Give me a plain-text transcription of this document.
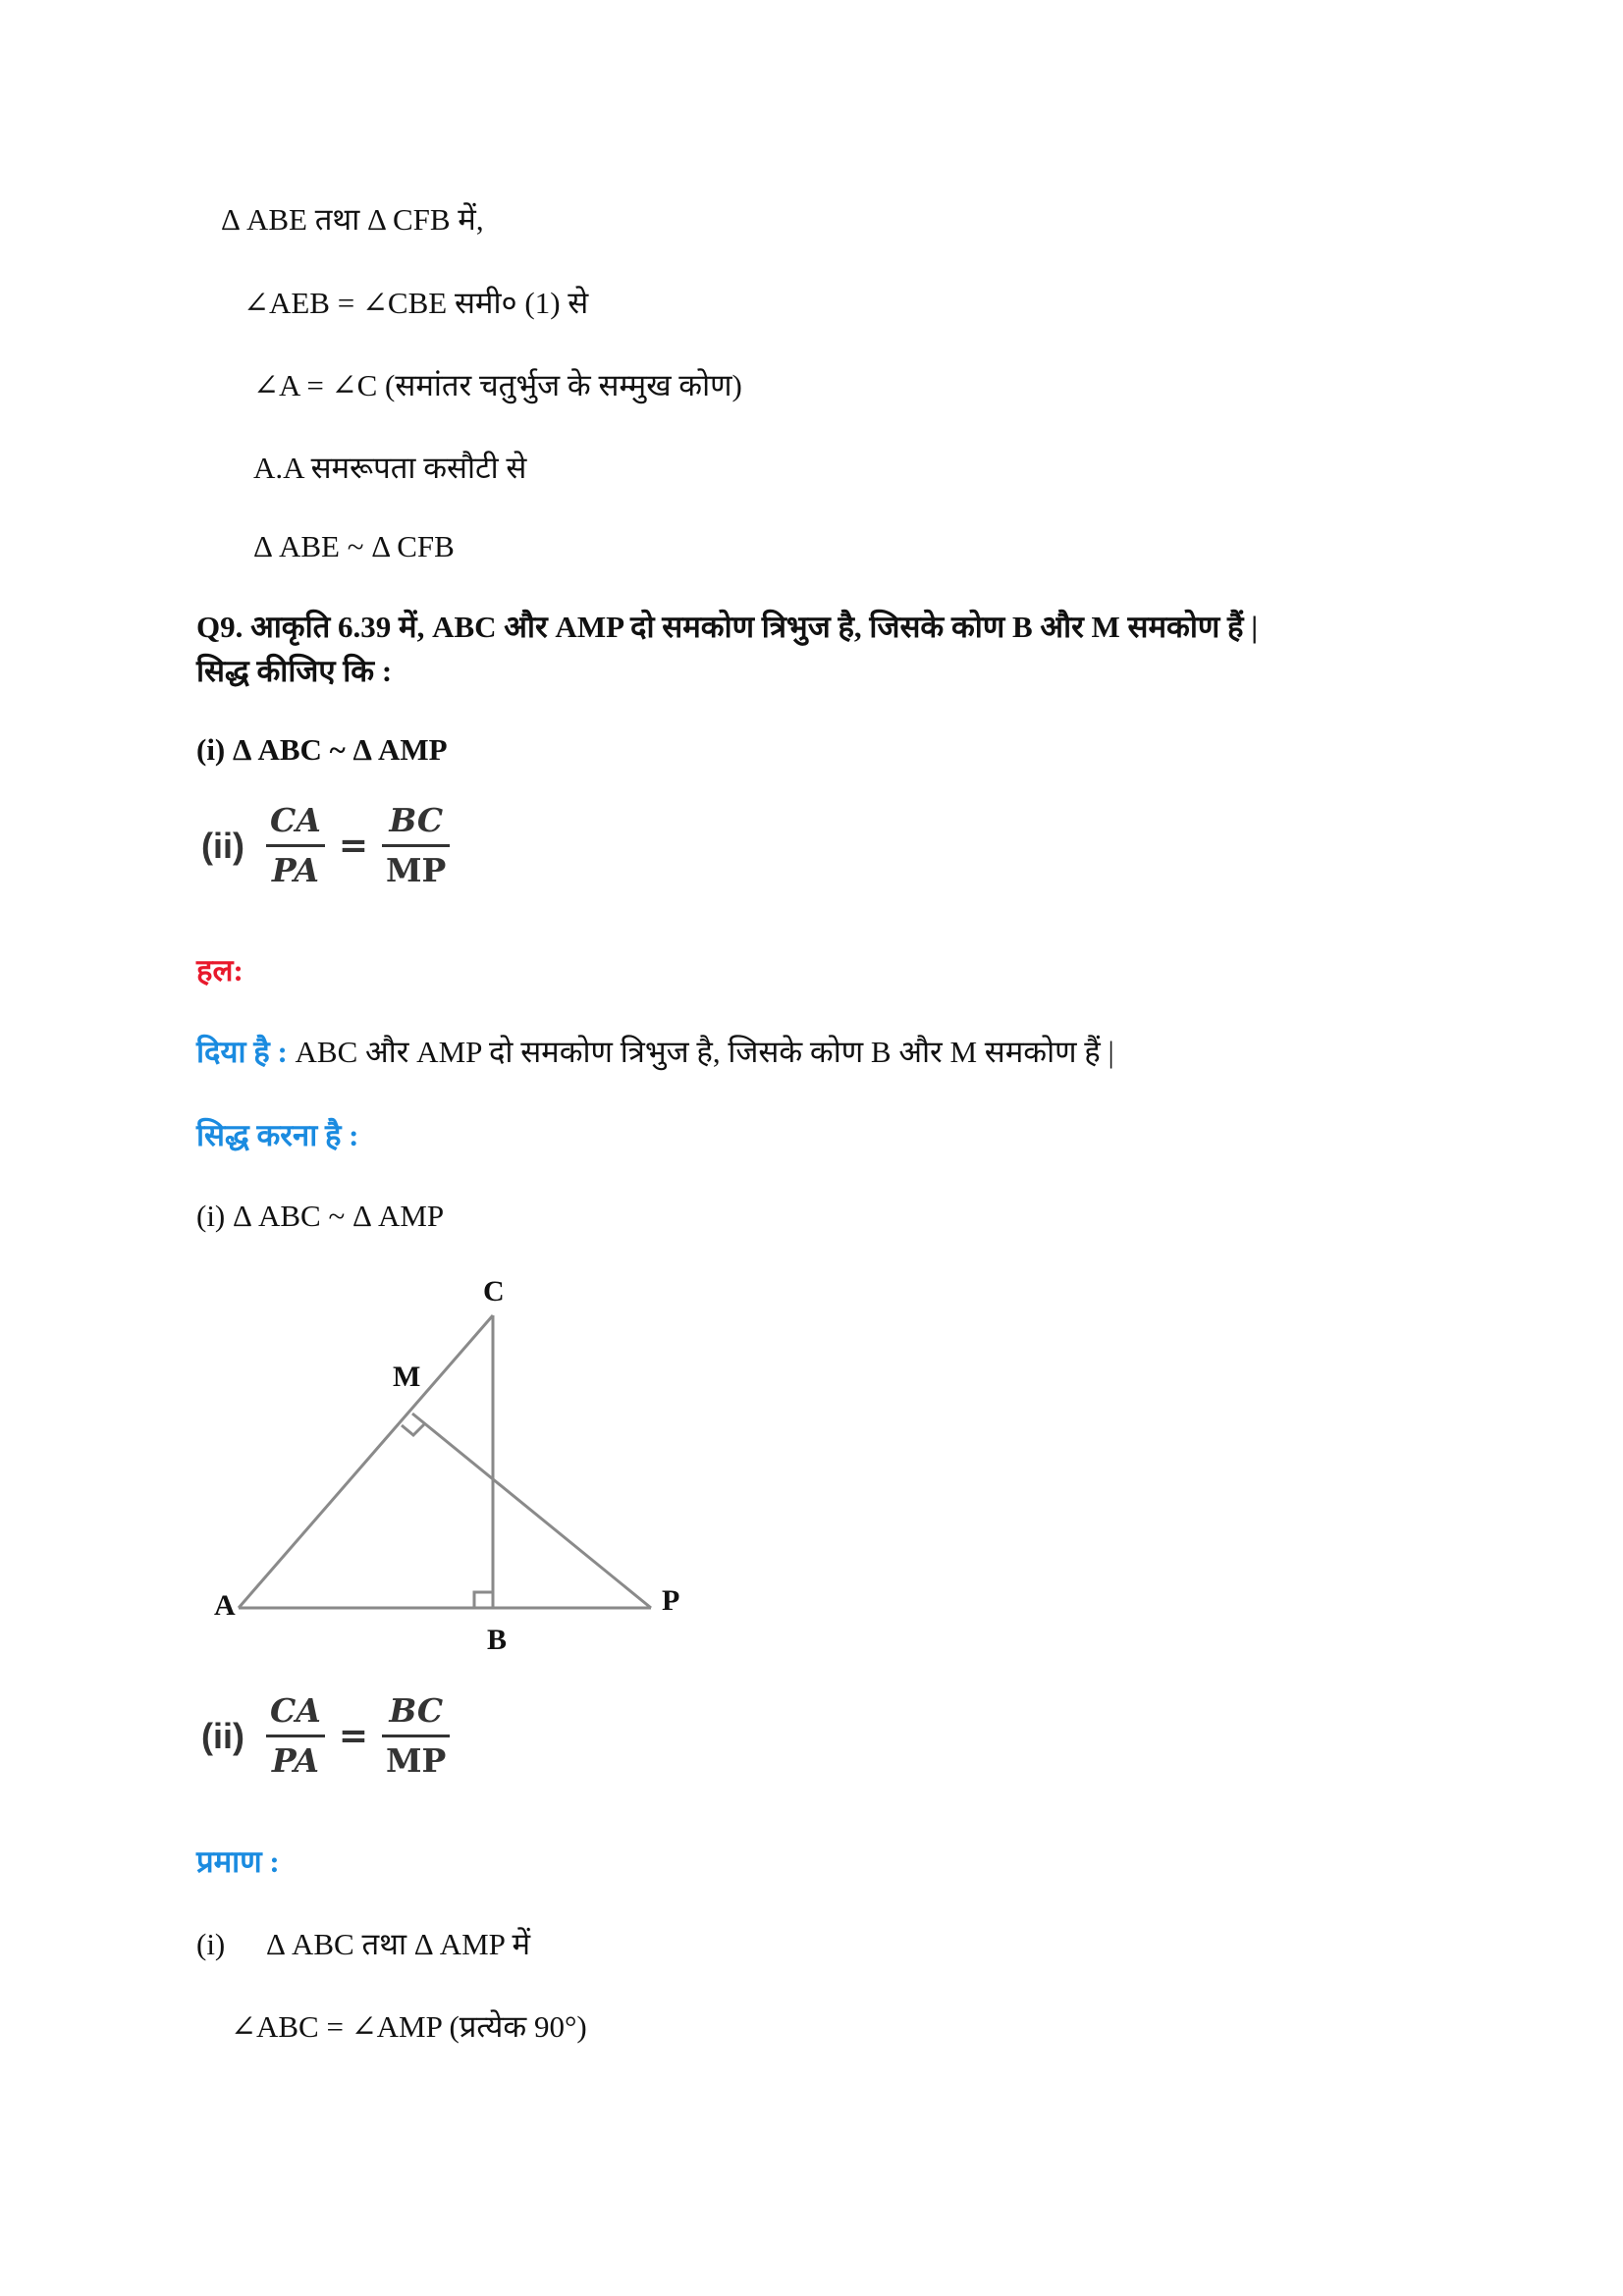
Δ ABE तथा Δ CFB में,
∠AEB = ∠CBE समी० (1) से
∠A = ∠C (समांतर चतुर्भुज के सम्मुख कोण)
A.A समरूपता कसौटी से
Δ ABE ~ Δ CFB
Q9. आकृति 6.39 में, ABC और AMP दो समकोण त्रिभुज है, जिसके कोण B और M समकोण हैं |
सिद्ध कीजिए कि :
(i) Δ ABC ~ Δ AMP
$(ii) \frac{CA}{PA} = \frac{BC}{MP}$
हल:
दिया है : ABC और AMP दो समकोण त्रिभुज है, जिसके कोण B और M समकोण हैं |
सिद्ध करना है :
(i) Δ ABC ~ Δ AMP
C
M
A
B
P
$(ii) \frac{CA}{PA} = \frac{BC}{MP}$
प्रमाण :
(i) Δ ABC तथा Δ AMP में
∠ABC = ∠AMP (प्रत्येक 90°)
